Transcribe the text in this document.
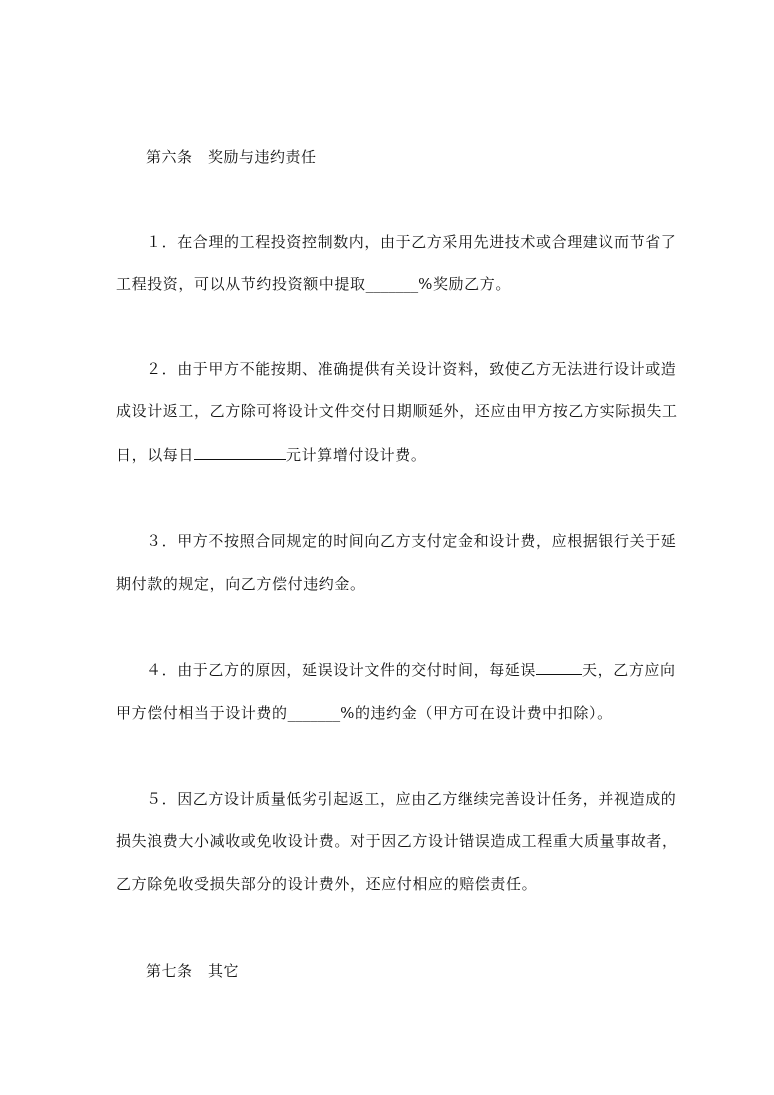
第六条　奖励与违约责任

１．在合理的工程投资控制数内，由于乙方采用先进技术或合理建议而节省了

工程投资，可以从节约投资额中提取_______%奖励乙方。

２．由于甲方不能按期、准确提供有关设计资料，致使乙方无法进行设计或造

成设计返工，乙方除可将设计文件交付日期顺延外，还应由甲方按乙方实际损失工

日，以每日	元计算增付设计费。

３．甲方不按照合同规定的时间向乙方支付定金和设计费，应根据银行关于延

期付款的规定，向乙方偿付违约金。

４．由于乙方的原因，延误设计文件的交付时间，每延误	天，乙方应向

甲方偿付相当于设计费的_______%的违约金（甲方可在设计费中扣除）。

５．因乙方设计质量低劣引起返工，应由乙方继续完善设计任务，并视造成的

损失浪费大小减收或免收设计费。对于因乙方设计错误造成工程重大质量事故者，

乙方除免收受损失部分的设计费外，还应付相应的赔偿责任。

第七条　其它
